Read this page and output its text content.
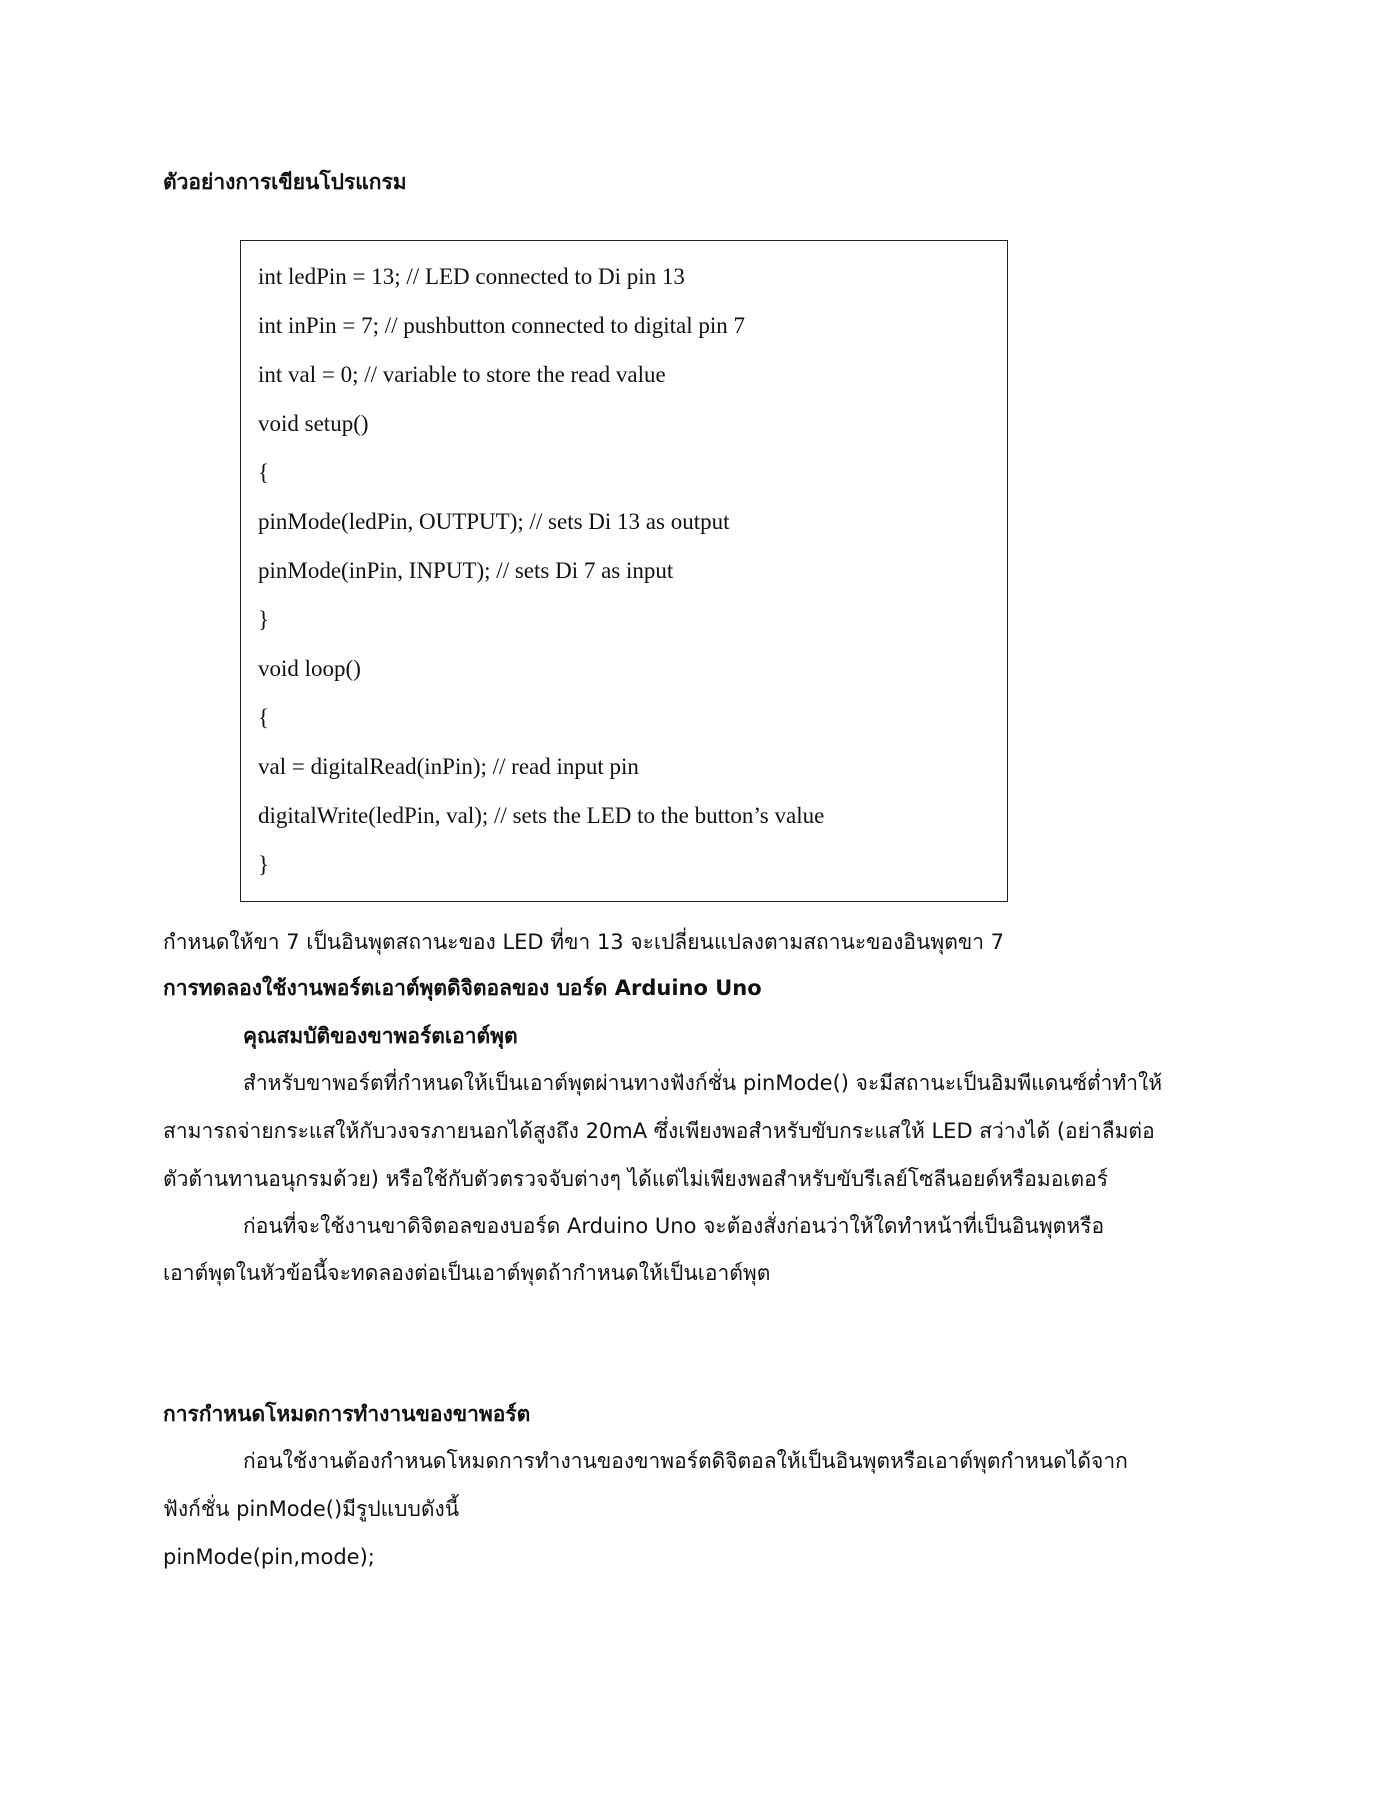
ตัวอย่างการเขียนโปรแกรม
int ledPin = 13; // LED connected to Di pin 13
int inPin = 7; // pushbutton connected to digital pin 7
int val = 0; // variable to store the read value
void setup()
{
pinMode(ledPin, OUTPUT); // sets Di 13 as output
pinMode(inPin, INPUT); // sets Di 7 as input
}
void loop()
{
val = digitalRead(inPin); // read input pin
digitalWrite(ledPin, val); // sets the LED to the button’s value
}
กำหนดให้ขา 7 เป็นอินพุตสถานะของ LED ที่ขา 13 จะเปลี่ยนแปลงตามสถานะของอินพุตขา 7
การทดลองใช้งานพอร์ตเอาต์พุตดิจิตอลของ บอร์ด Arduino Uno
คุณสมบัติของขาพอร์ตเอาต์พุต
สำหรับขาพอร์ตที่กำหนดให้เป็นเอาต์พุตผ่านทางฟังก์ชั่น pinMode() จะมีสถานะเป็นอิมพีแดนซ์ต่ำทำให้
สามารถจ่ายกระแสให้กับวงจรภายนอกได้สูงถึง 20mA ซึ่งเพียงพอสำหรับขับกระแสให้ LED สว่างได้ (อย่าลืมต่อ
ตัวต้านทานอนุกรมด้วย) หรือใช้กับตัวตรวจจับต่างๆ ได้แต่ไม่เพียงพอสำหรับขับรีเลย์โซลีนอยด์หรือมอเตอร์
ก่อนที่จะใช้งานขาดิจิตอลของบอร์ด Arduino Uno จะต้องสั่งก่อนว่าให้ใดทำหน้าที่เป็นอินพุตหรือ
เอาต์พุตในหัวข้อนี้จะทดลองต่อเป็นเอาต์พุตถ้ากำหนดให้เป็นเอาต์พุต
การกำหนดโหมดการทำงานของขาพอร์ต
ก่อนใช้งานต้องกำหนดโหมดการทำงานของขาพอร์ตดิจิตอลให้เป็นอินพุตหรือเอาต์พุตกำหนดได้จาก
ฟังก์ชั่น pinMode()มีรูปแบบดังนี้
pinMode(pin,mode);
